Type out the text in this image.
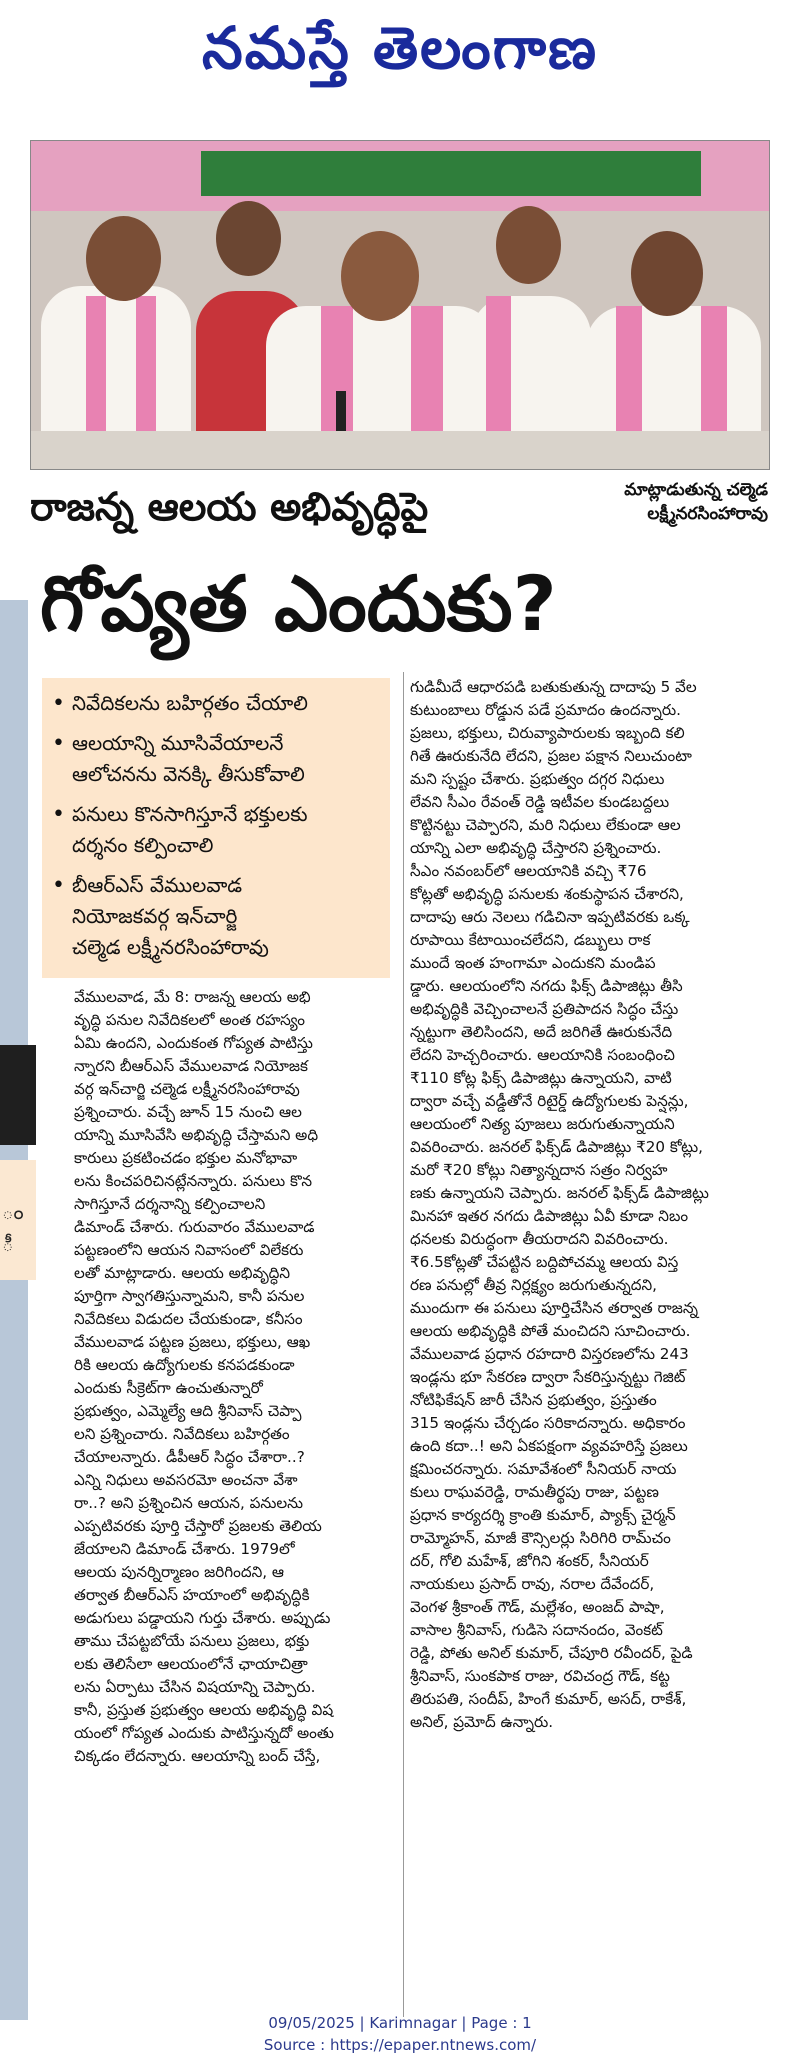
నమస్తే తెలంగాణ
ం
ీ
మాట్లాడుతున్న చల్మెడ
లక్ష్మీనరసింహారావు
రాజన్న ఆలయ అభివృద్ధిపై
గోప్యత ఎందుకు?
• నివేదికలను బహిర్గతం చేయాలి
• ఆలయాన్ని మూసివేయాలనే
ఆలోచనను వెనక్కి తీసుకోవాలి
• పనులు కొనసాగిస్తూనే భక్తులకు
దర్శనం కల్పించాలి
• బీఆర్‌ఎస్ వేములవాడ
నియోజకవర్గ ఇన్‌చార్జి
చల్మెడ లక్ష్మీనరసింహారావు
వేములవాడ, మే 8: రాజన్న ఆలయ అభి
వృద్ధి పనుల నివేదికలలో అంత రహస్యం
ఏమి ఉందని, ఎందుకంత గోప్యత పాటిస్తు
న్నారని బీఆర్‌ఎస్ వేములవాడ నియోజక
వర్గ ఇన్‌చార్జి చల్మెడ లక్ష్మీనరసింహారావు
ప్రశ్నించారు. వచ్చే జూన్ 15 నుంచి ఆల
యాన్ని మూసివేసి అభివృద్ధి చేస్తామని అధి
కారులు ప్రకటించడం భక్తుల మనోభావా
లను కించపరిచినట్లేనన్నారు. పనులు కొన
సాగిస్తూనే దర్శనాన్ని కల్పించాలని
డిమాండ్ చేశారు. గురువారం వేములవాడ
పట్టణంలోని ఆయన నివాసంలో విలేకరు
లతో మాట్లాడారు. ఆలయ అభివృద్ధిని
పూర్తిగా స్వాగతిస్తున్నామని, కానీ పనుల
నివేదికలు విడుదల చేయకుండా, కనీసం
వేములవాడ పట్టణ ప్రజలు, భక్తులు, ఆఖ
రికి ఆలయ ఉద్యోగులకు కనపడకుండా
ఎందుకు సీక్రెట్‌గా ఉంచుతున్నారో
ప్రభుత్వం, ఎమ్మెల్యే ఆది శ్రీనివాస్ చెప్పా
లని ప్రశ్నించారు. నివేదికలు బహిర్గతం
చేయాలన్నారు. డీపీఆర్ సిద్ధం చేశారా..?
ఎన్ని నిధులు అవసరమో అంచనా వేశా
రా..? అని ప్రశ్నించిన ఆయన, పనులను
ఎప్పటివరకు పూర్తి చేస్తారో ప్రజలకు తెలియ
జేయాలని డిమాండ్ చేశారు. 1979లో
ఆలయ పునర్నిర్మాణం జరిగిందని, ఆ
తర్వాత బీఆర్‌ఎస్ హయాంలో అభివృద్ధికి
అడుగులు పడ్డాయని గుర్తు చేశారు. అప్పుడు
తాము చేపట్టబోయే పనులు ప్రజలు, భక్తు
లకు తెలిసేలా ఆలయంలోనే ఛాయాచిత్రా
లను ఏర్పాటు చేసిన విషయాన్ని చెప్పారు.
కానీ, ప్రస్తుత ప్రభుత్వం ఆలయ అభివృద్ధి విష
యంలో గోప్యత ఎందుకు పాటిస్తున్నదో అంతు
చిక్కడం లేదన్నారు. ఆలయాన్ని బంద్ చేస్తే,
గుడిమీదే ఆధారపడి బతుకుతున్న దాదాపు 5 వేల
కుటుంబాలు రోడ్డున పడే ప్రమాదం ఉందన్నారు.
ప్రజలు, భక్తులు, చిరువ్యాపారులకు ఇబ్బంది కలి
గితే ఊరుకునేది లేదని, ప్రజల పక్షాన నిలుచుంటా
మని స్పష్టం చేశారు. ప్రభుత్వం దగ్గర నిధులు
లేవని సీఎం రేవంత్ రెడ్డి ఇటీవల కుండబద్దలు
కొట్టినట్టు చెప్పారని, మరి నిధులు లేకుండా ఆల
యాన్ని ఎలా అభివృద్ధి చేస్తారని ప్రశ్నించారు.
సీఎం నవంబర్‌లో ఆలయానికి వచ్చి ₹76
కోట్లతో అభివృద్ధి పనులకు శంకుస్థాపన చేశారని,
దాదాపు ఆరు నెలలు గడిచినా ఇప్పటివరకు ఒక్క
రూపాయి కేటాయించలేదని, డబ్బులు రాక
ముందే ఇంత హంగామా ఎందుకని మండిప
డ్డారు. ఆలయంలోని నగదు ఫిక్స్ డిపాజిట్లు తీసి
అభివృద్ధికి వెచ్చించాలనే ప్రతిపాదన సిద్ధం చేస్తు
న్నట్టుగా తెలిసిందని, అదే జరిగితే ఊరుకునేది
లేదని హెచ్చరించారు. ఆలయానికి సంబంధించి
₹110 కోట్ల ఫిక్స్ డిపాజిట్లు ఉన్నాయని, వాటి
ద్వారా వచ్చే వడ్డీతోనే రిటైర్డ్ ఉద్యోగులకు పెన్షన్లు,
ఆలయంలో నిత్య పూజలు జరుగుతున్నాయని
వివరించారు. జనరల్ ఫిక్స్‌డ్ డిపాజిట్లు ₹20 కోట్లు,
మరో ₹20 కోట్లు నిత్యాన్నదాన సత్రం నిర్వహ
ణకు ఉన్నాయని చెప్పారు. జనరల్ ఫిక్స్‌డ్ డిపాజిట్లు
మినహా ఇతర నగదు డిపాజిట్లు ఏవీ కూడా నిబం
ధనలకు విరుద్ధంగా తీయరాదని వివరించారు.
₹6.5కోట్లతో చేపట్టిన బద్దిపోచమ్మ ఆలయ విస్త
రణ పనుల్లో తీవ్ర నిర్లక్ష్యం జరుగుతున్నదని,
ముందుగా ఈ పనులు పూర్తిచేసిన తర్వాత రాజన్న
ఆలయ అభివృద్ధికి పోతే మంచిదని సూచించారు.
వేములవాడ ప్రధాన రహదారి విస్తరణలోను 243
ఇండ్లను భూ సేకరణ ద్వారా సేకరిస్తున్నట్టు గెజిట్
నోటిఫికేషన్ జారీ చేసిన ప్రభుత్వం, ప్రస్తుతం
315 ఇండ్లను చేర్చడం సరికాదన్నారు. అధికారం
ఉంది కదా..! అని ఏకపక్షంగా వ్యవహరిస్తే ప్రజలు
క్షమించరన్నారు. సమావేశంలో సీనియర్ నాయ
కులు రాఘవరెడ్డి, రామతీర్థపు రాజు, పట్టణ
ప్రధాన కార్యదర్శి క్రాంతి కుమార్, ప్యాక్స్ చైర్మన్
రామ్మోహన్, మాజీ కౌన్సిలర్లు సిరిగిరి రామ్‌చం
దర్, గోలి మహేశ్, జోగిని శంకర్, సీనియర్
నాయకులు ప్రసాద్ రావు, నరాల దేవేందర్,
వెంగళ శ్రీకాంత్ గౌడ్, మల్లేశం, అంజద్ పాషా,
వాసాల శ్రీనివాస్, గుడిసె సదానందం, వెంకట్
రెడ్డి, పోతు అనిల్ కుమార్, చేపూరి రవీందర్, పైడి
శ్రీనివాస్, సుంకపాక రాజు, రవిచంద్ర గౌడ్, కట్ట
తిరుపతి, సందీప్, హింగే కుమార్, అసద్, రాకేశ్,
అనిల్, ప్రమోద్ ఉన్నారు.
09/05/2025 | Karimnagar | Page : 1
Source : https://epaper.ntnews.com/
